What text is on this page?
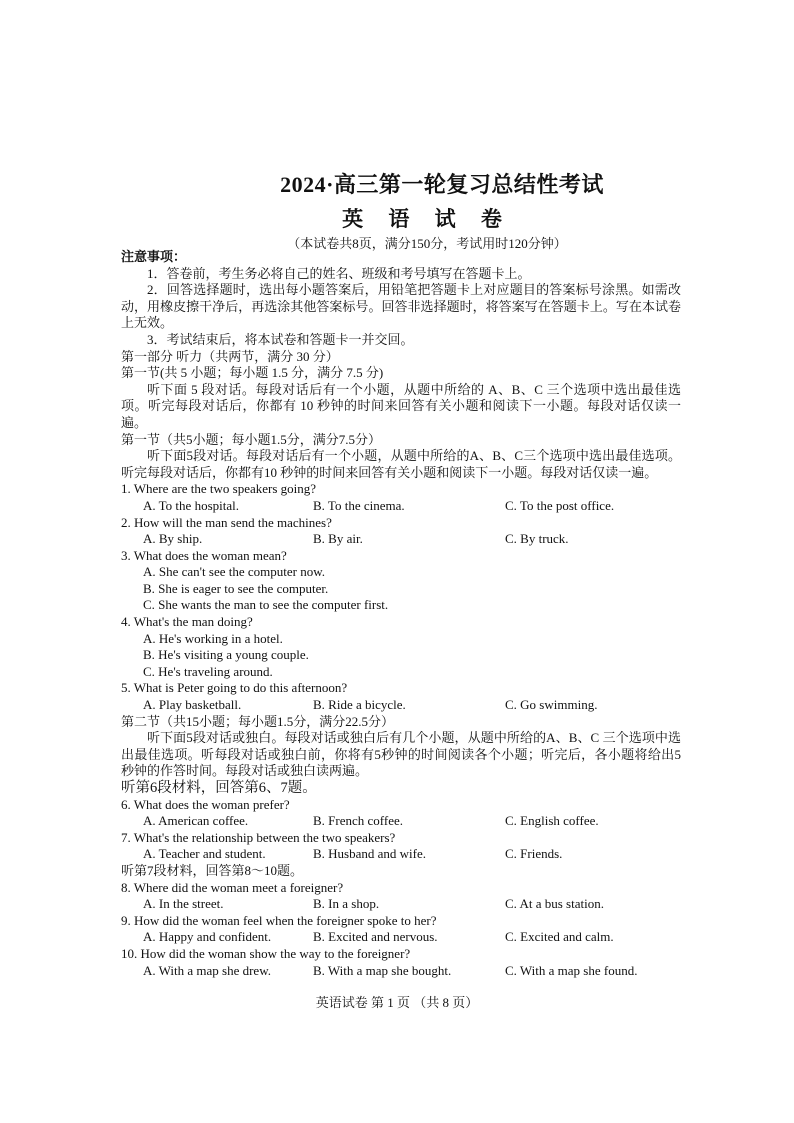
2024·高三第一轮复习总结性考试
英 语 试 卷
（本试卷共8页，满分150分，考试用时120分钟）
注意事项：
1．答卷前，考生务必将自己的姓名、班级和考号填写在答题卡上。
2．回答选择题时，选出每小题答案后，用铅笔把答题卡上对应题目的答案标号涂黑。如需改动，用橡皮擦干净后，再选涂其他答案标号。回答非选择题时，将答案写在答题卡上。写在本试卷上无效。
3．考试结束后，将本试卷和答题卡一并交回。
第一部分 听力（共两节，满分 30 分）
第一节(共 5 小题；每小题 1.5 分，满分 7.5 分)
听下面 5 段对话。每段对话后有一个小题，从题中所给的 A、B、C 三个选项中选出最佳选项。听完每段对话后，你都有 10 秒钟的时间来回答有关小题和阅读下一小题。每段对话仅读一遍。
第一节（共5小题；每小题1.5分，满分7.5分）
听下面5段对话。每段对话后有一个小题，从题中所给的A、B、C三个选项中选出最佳选项。听完每段对话后，你都有10 秒钟的时间来回答有关小题和阅读下一小题。每段对话仅读一遍。
1. Where are the two speakers going?
A. To the hospital.	B. To the cinema.	C. To the post office.
2. How will the man send the machines?
A. By ship.	B. By air.	C. By truck.
3. What does the woman mean?
A. She can't see the computer now.
B. She is eager to see the computer.
C. She wants the man to see the computer first.
4. What's the man doing?
A. He's working in a hotel.
B. He's visiting a young couple.
C. He's traveling around.
5. What is Peter going to do this afternoon?
A. Play basketball.	B. Ride a bicycle.	C. Go swimming.
第二节（共15小题；每小题1.5分，满分22.5分）
听下面5段对话或独白。每段对话或独白后有几个小题，从题中所给的A、B、C 三个选项中选出最佳选项。听每段对话或独白前，你将有5秒钟的时间阅读各个小题；听完后，各小题将给出5 秒钟的作答时间。每段对话或独白读两遍。
听第6段材料，回答第6、7题。
6. What does the woman prefer?
A. American coffee.	B. French coffee.	C. English coffee.
7. What's the relationship between the two speakers?
A. Teacher and student.	B. Husband and wife.	C. Friends.
听第7段材料，回答第8～10题。
8. Where did the woman meet a foreigner?
A. In the street.	B. In a shop.	C. At a bus station.
9. How did the woman feel when the foreigner spoke to her?
A. Happy and confident.	B. Excited and nervous.	C. Excited and calm.
10. How did the woman show the way to the foreigner?
A. With a map she drew.	B. With a map she bought.	C. With a map she found.
英语试卷 第 1 页 （共 8 页）
